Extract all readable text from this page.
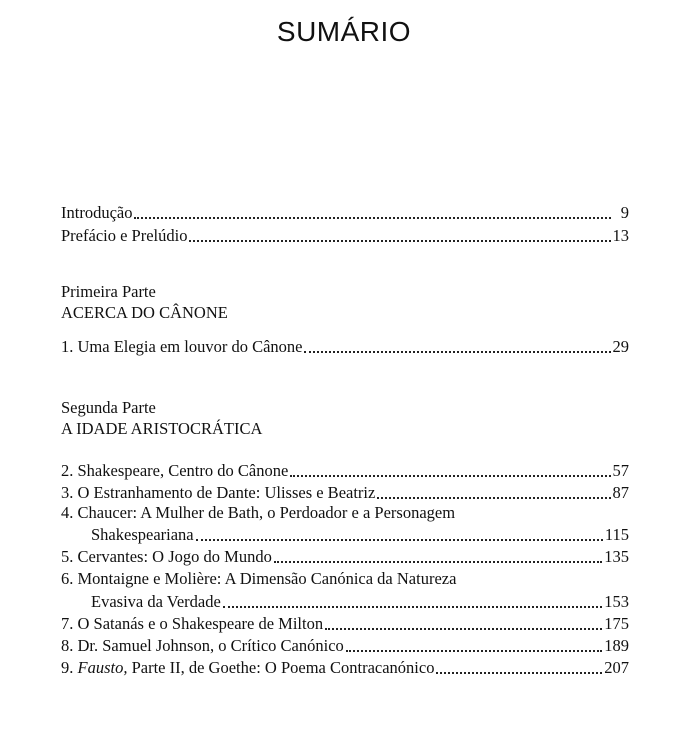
SUMÁRIO
Introdução	9
Prefácio e Prelúdio	13
Primeira Parte
ACERCA DO CÂNONE
1. Uma Elegia em louvor do Cânone	29
Segunda Parte
A IDADE ARISTOCRÁTICA
2. Shakespeare, Centro do Cânone	57
3. O Estranhamento de Dante: Ulisses e Beatriz	87
4. Chaucer: A Mulher de Bath, o Perdoador e a Personagem
Shakespeariana	115
5. Cervantes: O Jogo do Mundo	135
6. Montaigne e Molière: A Dimensão Canónica da Natureza
Evasiva da Verdade	153
7. O Satanás e o Shakespeare de Milton	175
8. Dr. Samuel Johnson, o Crítico Canónico	189
9. Fausto, Parte II, de Goethe: O Poema Contracanónico	207
